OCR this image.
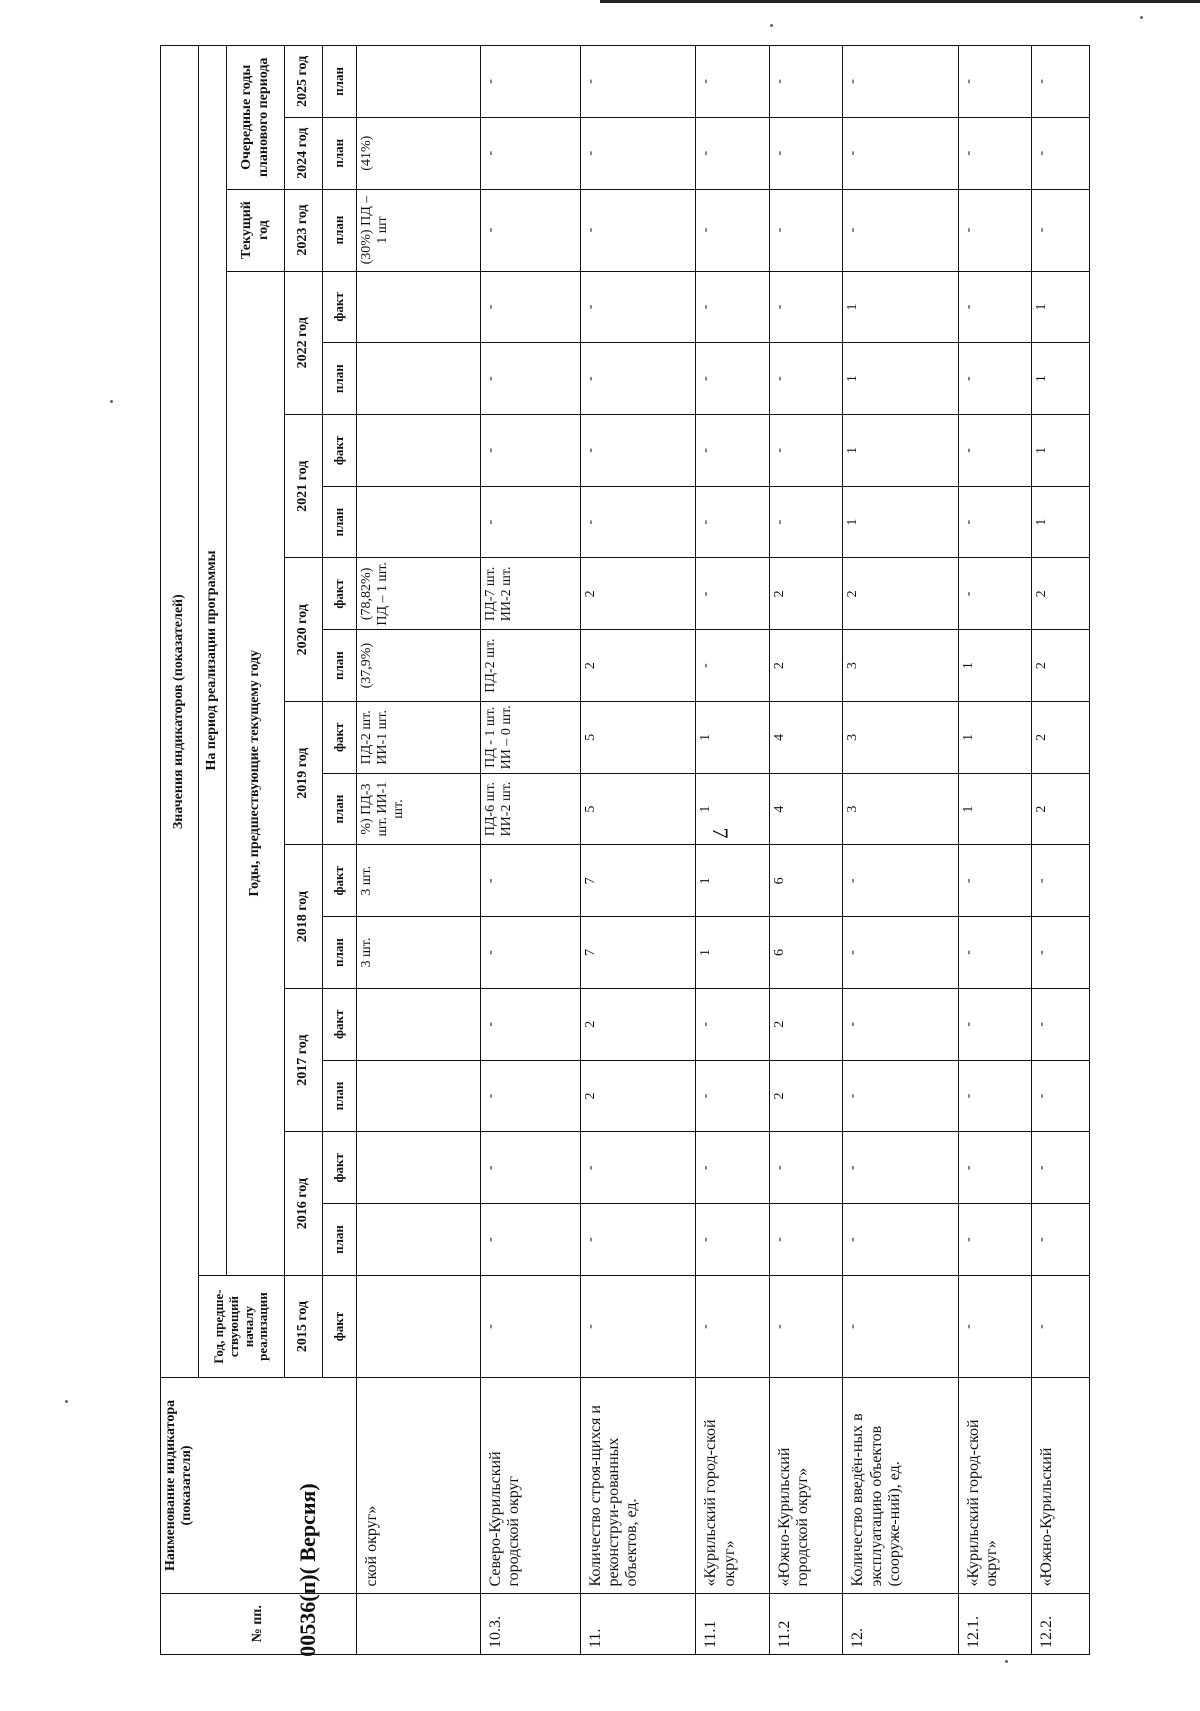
7
№ пп.	Наименование индикатора (показателя)	Значения индикаторов (показателей)																	
		Год, предше-ствующий началу реализации	На период реализации программы																
			Годы, предшествующие текущему году														Текущий год	Очередные годы планового периода	

		2015 год	2016 год		2017 год		2018 год		2019 год		2020 год		2021 год		2022 год		2023 год	2024 год	2025 год
		факт	план	факт	план	факт	план	факт	план	факт	план	факт	план	факт	план	факт	план	план	план
	ской округ»						3 шт.	3 шт.	%) ПД-3 шт. ИИ-1 шт.	ПД-2 шт. ИИ-1 шт.	(37,9%)	(78,82%) ПД – 1 шт.					(30%) ПД – 1 шт	(41%)	
10.3.	Северо-Курильский городской округ	-	-	-	-	-	-	-	ПД-6 шт. ИИ-2 шт.	ПД - 1 шт. ИИ – 0 шт.	ПД-2 шт.	ПД-7 шт. ИИ-2 шт.	-	-	-	-	-	-	-
11.	Количество строя-щихся и реконструи-рованных объектов, ед.	-	-	-	2	2	7	7	5	5	2	2	-	-	-	-	-	-	-
11.1	«Курильский город-ской округ»	-	-	-	-	-	1	1	1	1	-	-	-	-	-	-	-	-	-
11.2	«Южно-Курильский городской округ»	-	-	-	2	2	6	6	4	4	2	2	-	-	-	-	-	-	-
12.	Количество введён-ных в эксплуатацию объектов (сооруже-ний), ед.	-	-	-	-	-	-	-	3	3	3	2	1	1	1	1	-	-	-
12.1.	«Курильский город-ской округ»	-	-	-	-	-	-	-	1	1	1	-	-	-	-	-	-	-	-
12.2.	«Южно-Курильский	-	-	-	-	-	-	-	2	2	2	2	1	1	1	1	-	-	-
00536(п)( Версия)
